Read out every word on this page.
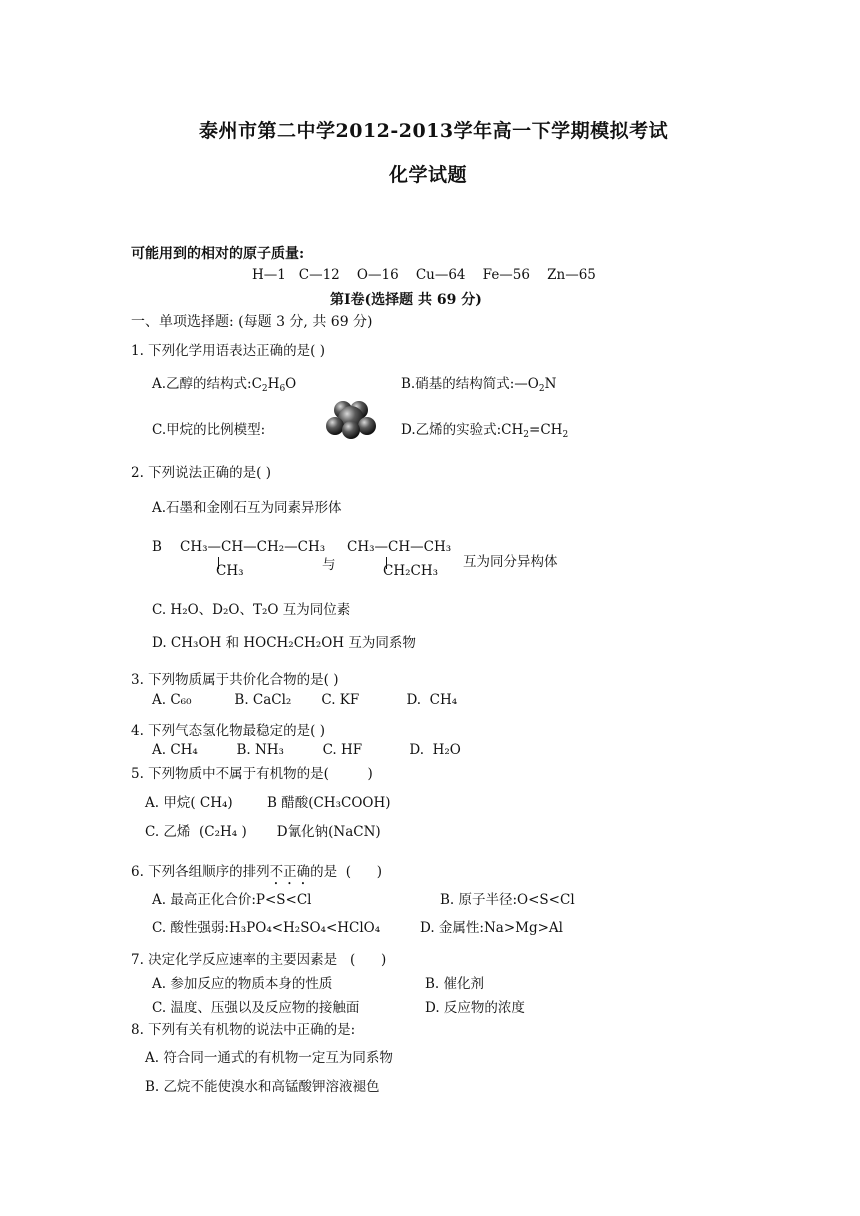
泰州市第二中学2012-2013学年高一下学期模拟考试
化学试题
可能用到的相对的原子质量:
H—1   C—12    O—16    Cu—64    Fe—56    Zn—65
第Ⅰ卷(选择题 共 69 分)
一、单项选择题: (每题 3 分, 共 69 分)
1. 下列化学用语表达正确的是( )
A.乙醇的结构式$:C_2H_6O$	B.硝基的结构简式$:—O_2N$
C.甲烷的比例模型:	D.乙烯的实验式$:CH_2=CH_2$
2. 下列说法正确的是( )
A.石墨和金刚石互为同素异形体
B CH₃—CH—CH₂—CH₃
CH₃	与
CH₃—CH—CH₃
CH₂CH₃
互为同分异构体
C. H₂O、D₂O、T₂O 互为同位素
D. CH₃OH 和 HOCH₂CH₂OH 互为同系物
3. 下列物质属于共价化合物的是( )
A. C₆₀          B. CaCl₂       C. KF           D.  CH₄
4. 下列气态氢化物最稳定的是( )
A. CH₄         B. NH₃         C. HF           D.  H₂O
5. 下列物质中不属于有机物的是(         )
A. 甲烷( CH₄)        B 醋酸(CH₃COOH)
C. 乙烯  (C₂H₄ )       D氰化钠(NaCN)
6. 下列各组顺序的排列不正确的是  (      )
A. 最高正化合价:P<S<Cl	B. 原子半径:O<S<Cl
C. 酸性强弱:H₃PO₄<H₂SO₄<HClO₄	D. 金属性:Na>Mg>Al
7. 决定化学反应速率的主要因素是   (      )
A. 参加反应的物质本身的性质	B. 催化剂
C. 温度、压强以及反应物的接触面	D. 反应物的浓度
8. 下列有关有机物的说法中正确的是:
A. 符合同一通式的有机物一定互为同系物
B. 乙烷不能使溴水和高锰酸钾溶液褪色
